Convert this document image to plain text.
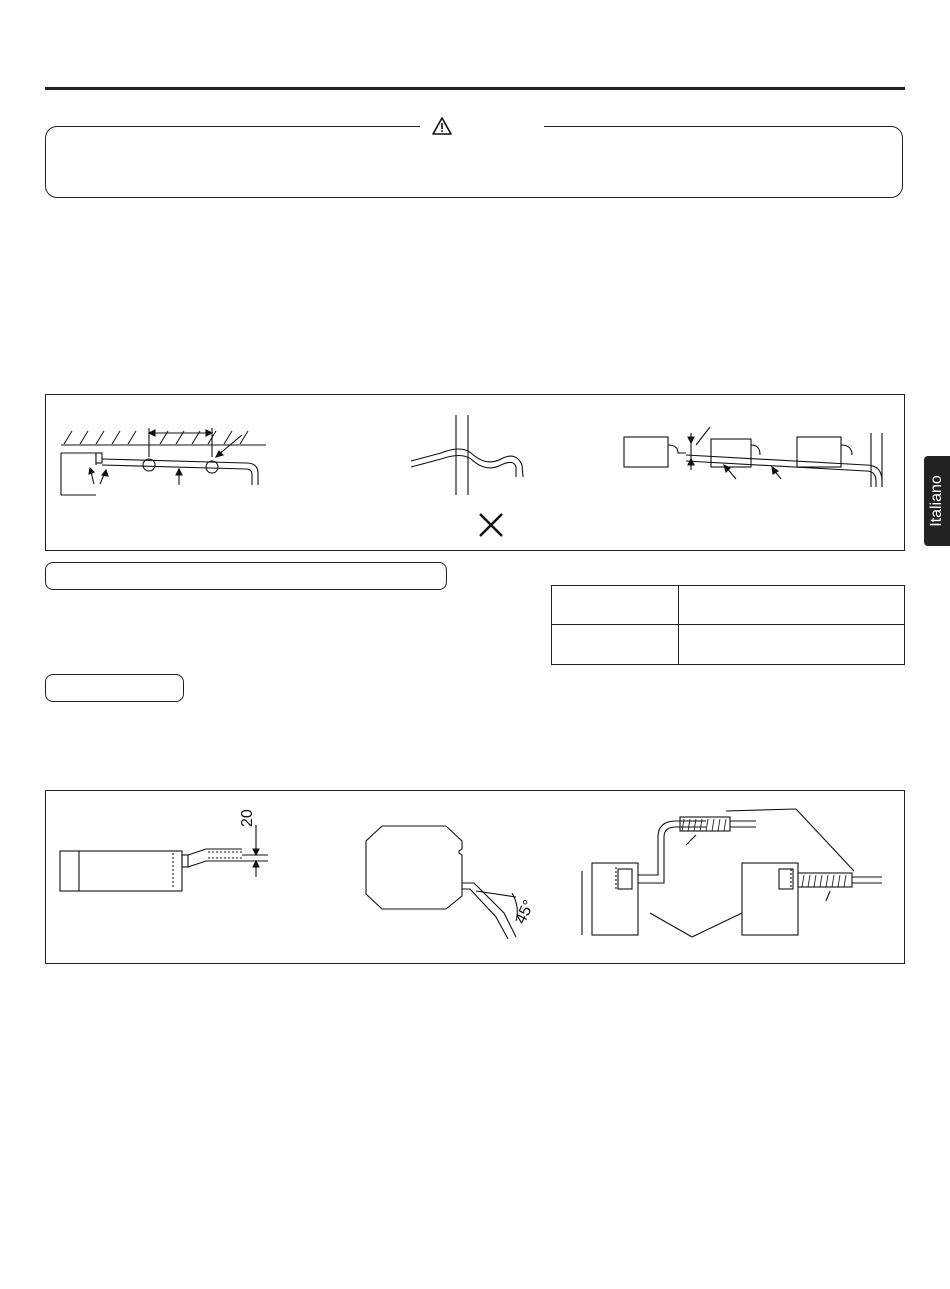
Italiano
20
45°
